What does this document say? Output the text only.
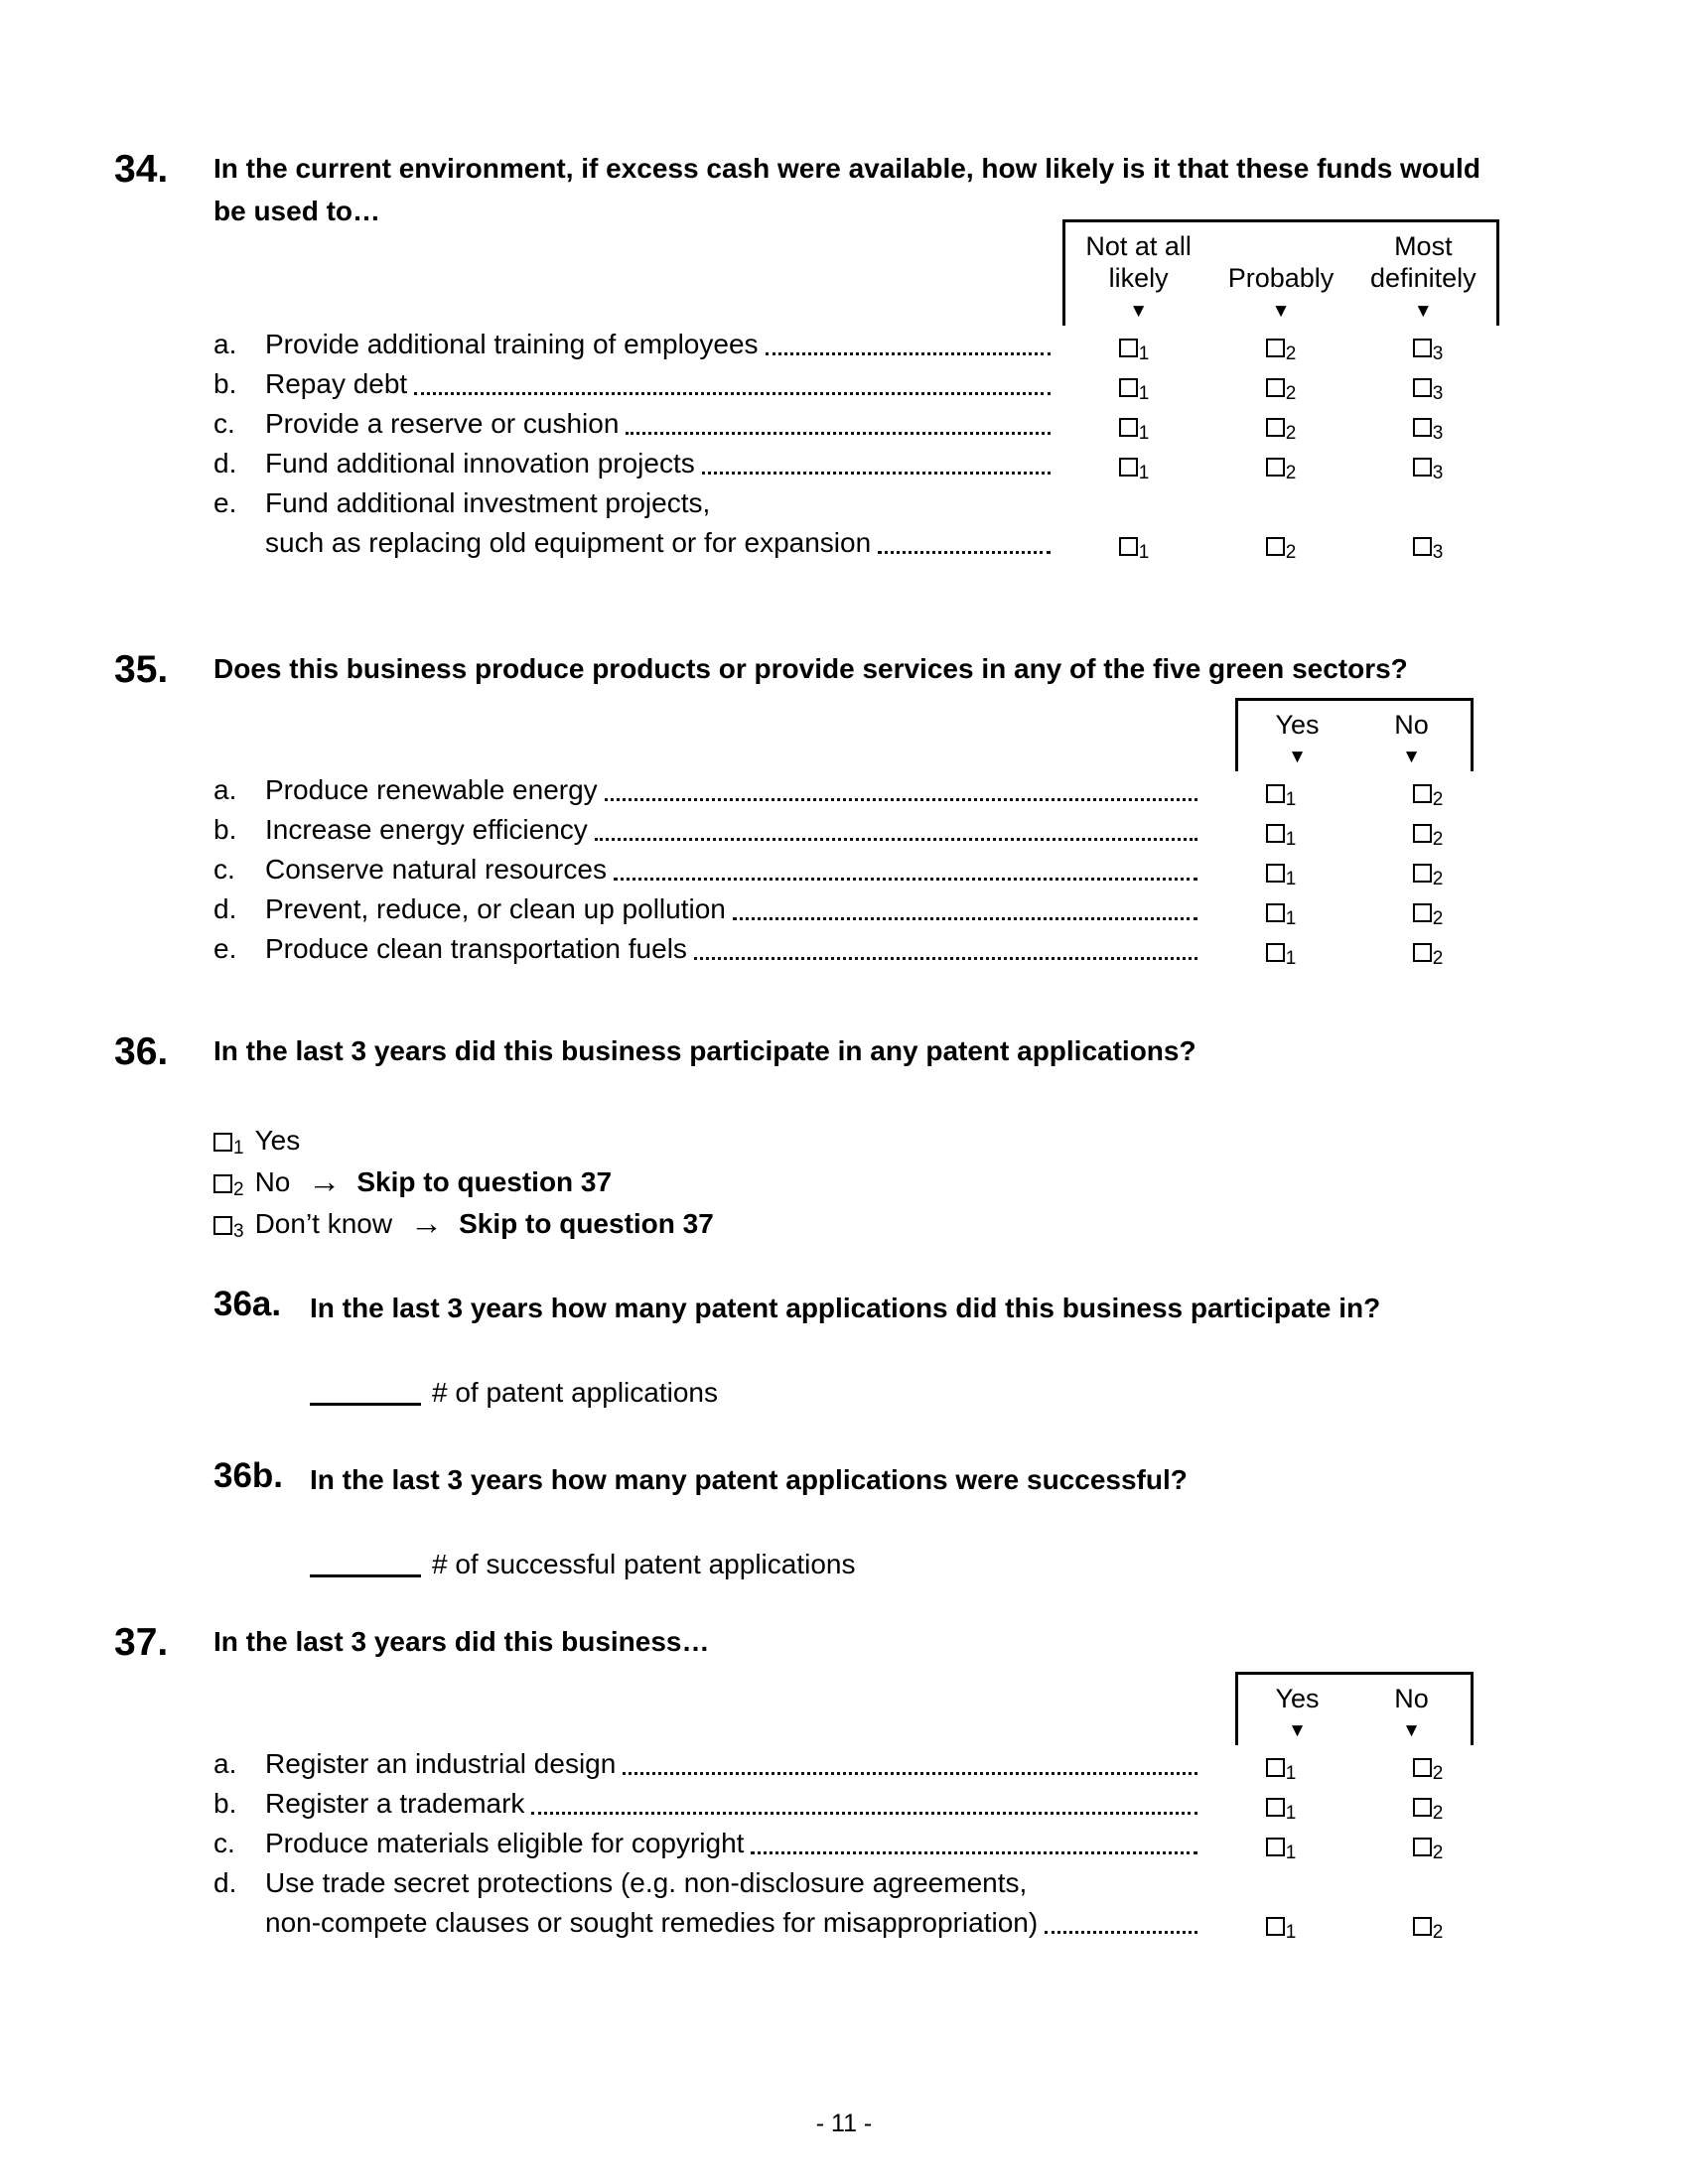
34.	In the current environment, if excess cash were available, how likely is it that these funds would be used to…
Not at all likely
▼
Probably
▼
Most definitely
▼
a.	Provide additional training of employees	$_1$	$_2$	$_3$
b.	Repay debt	$_1$	$_2$	$_3$
c.	Provide a reserve or cushion	$_1$	$_2$	$_3$
d.	Fund additional innovation projects	$_1$	$_2$	$_3$
e.	Fund additional investment projects,
such as replacing old equipment or for expansion	$_1$	$_2$	$_3$
35.	Does this business produce products or provide services in any of the five green sectors?
Yes
▼
No
▼
a.	Produce renewable energy	$_1$	$_2$
b.	Increase energy efficiency	$_1$	$_2$
c.	Conserve natural resources	$_1$	$_2$
d.	Prevent, reduce, or clean up pollution	$_1$	$_2$
e.	Produce clean transportation fuels	$_1$	$_2$
36.	In the last 3 years did this business participate in any patent applications?
$_1$ Yes
$_2$ No → Skip to question 37
$_3$ Don’t know → Skip to question 37
36a.	In the last 3 years how many patent applications did this business participate in?
# of patent applications
36b. In the last 3 years how many patent applications were successful?
# of successful patent applications
37.	In the last 3 years did this business…
Yes
▼
No
▼
a.	Register an industrial design	$_1$	$_2$
b.	Register a trademark	$_1$	$_2$
c.	Produce materials eligible for copyright	$_1$	$_2$
d.	Use trade secret protections (e.g. non-disclosure agreements,
non-compete clauses or sought remedies for misappropriation)	$_1$	$_2$
- 11 -
